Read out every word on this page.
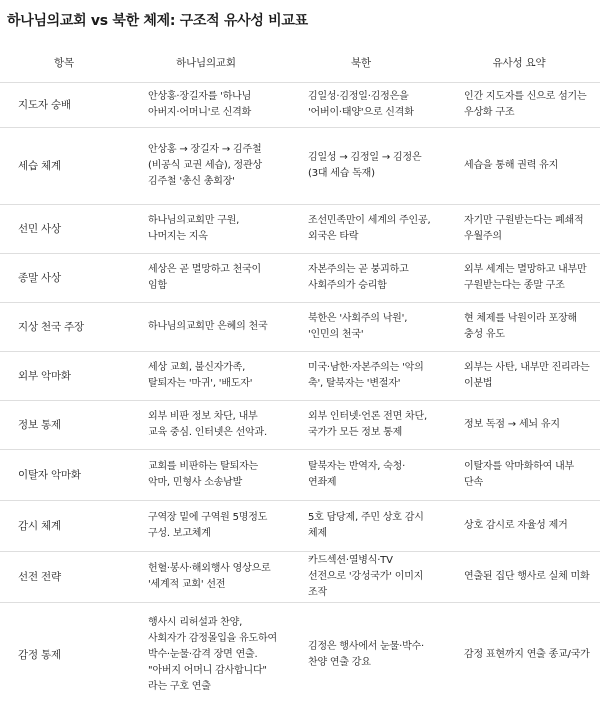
하나님의교회 vs 북한 체제: 구조적 유사성 비교표
항목	하나님의교회	북한	유사성 요약
지도자 숭배	안상홍·장길자를 '하나님 아버지·어머니'로 신격화	김일성·김정일·김정은을 '어버이·태양'으로 신격화	인간 지도자를 신으로 섬기는 우상화 구조
세습 체계	안상홍 → 장길자 → 김주철(비공식 교권 세습), 정관상 김주철 '총신 총회장'	김일성 → 김정일 → 김정은(3대 세습 독재)	세습을 통해 권력 유지
선민 사상	하나님의교회만 구원, 나머지는 지옥	조선민족만이 세계의 주인공, 외국은 타락	자기만 구원받는다는 폐쇄적 우월주의
종말 사상	세상은 곧 멸망하고 천국이 임함	자본주의는 곧 붕괴하고 사회주의가 승리함	외부 세계는 멸망하고 내부만 구원받는다는 종말 구조
지상 천국 주장	하나님의교회만 은혜의 천국	북한은 '사회주의 낙원', '인민의 천국'	현 체제를 낙원이라 포장해 충성 유도
외부 악마화	세상 교회, 불신자가족, 탈퇴자는 '마귀', '배도자'	미국·남한·자본주의는 '악의 축', 탈북자는 '변절자'	외부는 사탄, 내부만 진리라는 이분법
정보 통제	외부 비판 정보 차단, 내부 교육 중심. 인터넷은 선악과.	외부 인터넷·언론 전면 차단, 국가가 모든 정보 통제	정보 독점 → 세뇌 유지
이탈자 악마화	교회를 비판하는 탈퇴자는 악마, 민형사 소송남발	탈북자는 반역자, 숙청·연좌제	이탈자를 악마화하여 내부 단속
감시 체계	구역장 밑에 구역원 5명정도 구성. 보고체계	5호 담당제, 주민 상호 감시 체제	상호 감시로 자율성 제거
선전 전략	헌혈·봉사·해외행사 영상으로 '세계적 교회' 선전	카드섹션·열병식·TV 선전으로 '강성국가' 이미지 조작	연출된 집단 행사로 실체 미화
감정 통제	행사시 리허설과 찬양, 사회자가 감정몰입을 유도하여 박수·눈물·감격 장면 연출. "아버지 어머니 감사합니다" 라는 구호 연출	김정은 행사에서 눈물·박수·찬양 연출 강요	감정 표현까지 연출 종교/국가
